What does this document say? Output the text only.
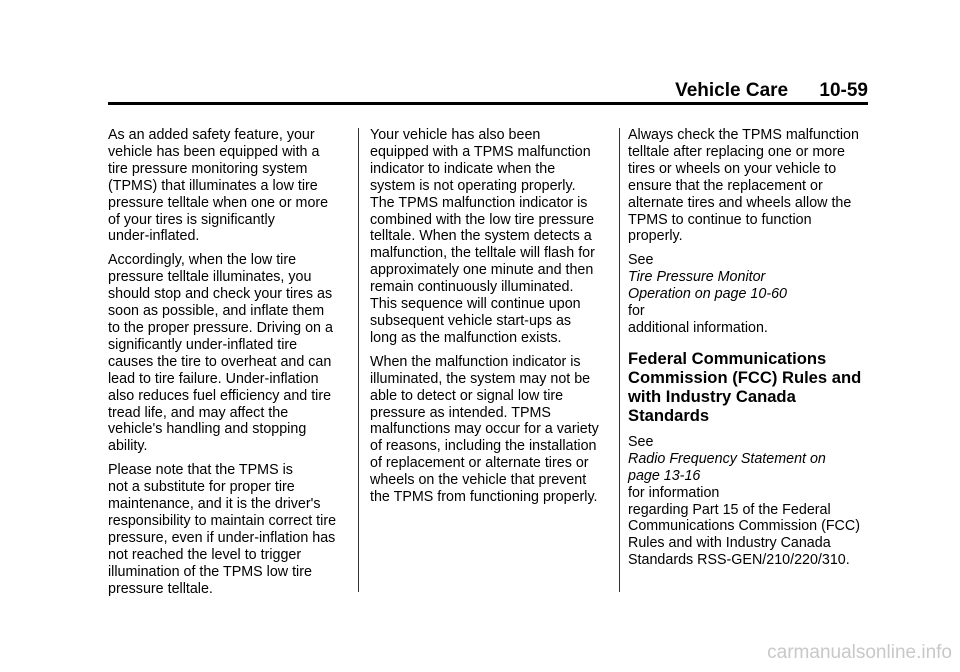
Vehicle Care 10-59

As an added safety feature, your
vehicle has been equipped with a
tire pressure monitoring system
(TPMS) that illuminates a low tire
pressure telltale when one or more
of your tires is significantly
under-inflated.

Accordingly, when the low tire
pressure telltale illuminates, you
should stop and check your tires as
soon as possible, and inflate them
to the proper pressure. Driving on a
significantly under-inflated tire
causes the tire to overheat and can
lead to tire failure. Under-inflation
also reduces fuel efficiency and tire
tread life, and may affect the
vehicle's handling and stopping
ability.

Please note that the TPMS is
not a substitute for proper tire
maintenance, and it is the driver's
responsibility to maintain correct tire
pressure, even if under-inflation has
not reached the level to trigger
illumination of the TPMS low tire
pressure telltale.

Your vehicle has also been
equipped with a TPMS malfunction
indicator to indicate when the
system is not operating properly.
The TPMS malfunction indicator is
combined with the low tire pressure
telltale. When the system detects a
malfunction, the telltale will flash for
approximately one minute and then
remain continuously illuminated.
This sequence will continue upon
subsequent vehicle start-ups as
long as the malfunction exists.

When the malfunction indicator is
illuminated, the system may not be
able to detect or signal low tire
pressure as intended. TPMS
malfunctions may occur for a variety
of reasons, including the installation
of replacement or alternate tires or
wheels on the vehicle that prevent
the TPMS from functioning properly.

Always check the TPMS malfunction
telltale after replacing one or more
tires or wheels on your vehicle to
ensure that the replacement or
alternate tires and wheels allow the
TPMS to continue to function
properly.

See
Tire Pressure Monitor
Operation on page 10-60
for
additional information.

Federal Communications
Commission (FCC) Rules and
with Industry Canada
Standards

See
Radio Frequency Statement on
page 13-16
for information
regarding Part 15 of the Federal
Communications Commission (FCC)
Rules and with Industry Canada
Standards RSS-GEN/210/220/310.

carmanualsonline.info
